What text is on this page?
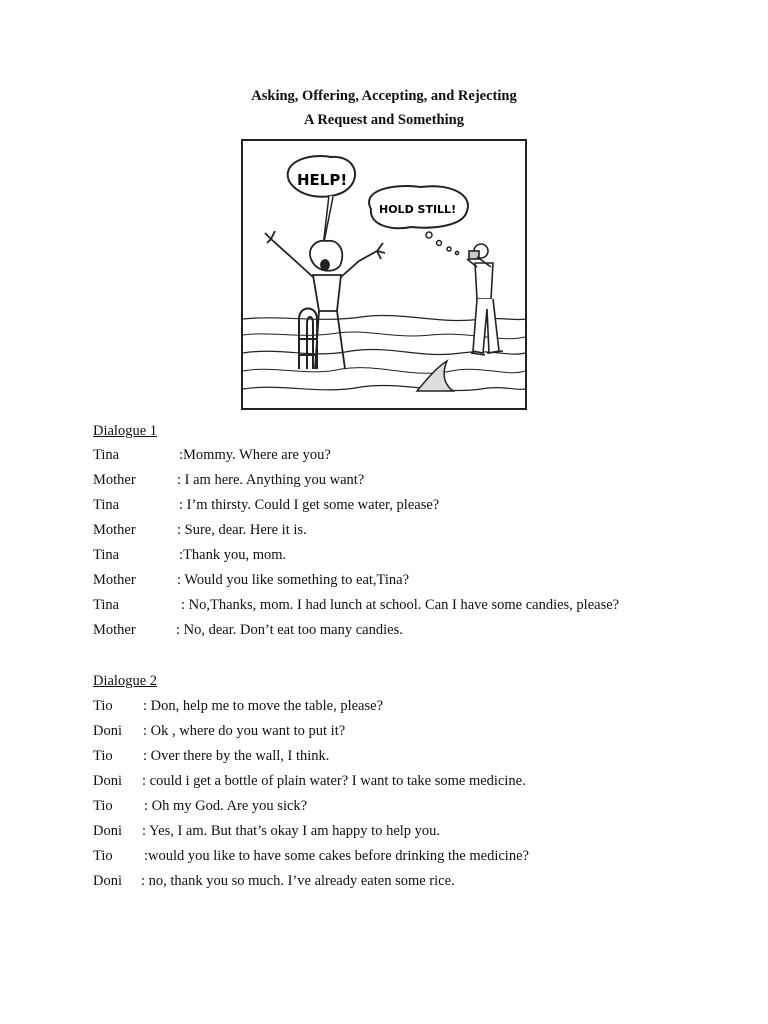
Asking, Offering, Accepting, and Rejecting
A Request and Something
HELP!
HOLD STILL!
Dialogue 1
Tina	:Mommy. Where are you?
Mother	: I am here. Anything you want?
Tina	: I’m thirsty. Could I get some water, please?
Mother	: Sure, dear. Here it is.
Tina	:Thank you, mom.
Mother	: Would you like something to eat,Tina?
Tina	: No,Thanks, mom. I had lunch at school. Can I have some candies, please?
Mother	: No, dear. Don’t eat too many candies.
Dialogue 2
Tio : Don, help me to move the table, please?
Doni : Ok , where do you want to put it?
Tio : Over there by the wall, I think.
Doni : could i get a bottle of plain water? I want to take some medicine.
Tio : Oh my God. Are you sick?
Doni : Yes, I am. But that’s okay I am happy to help you.
Tio :would you like to have some cakes before drinking the medicine?
Doni : no, thank you so much. I’ve already eaten some rice.
